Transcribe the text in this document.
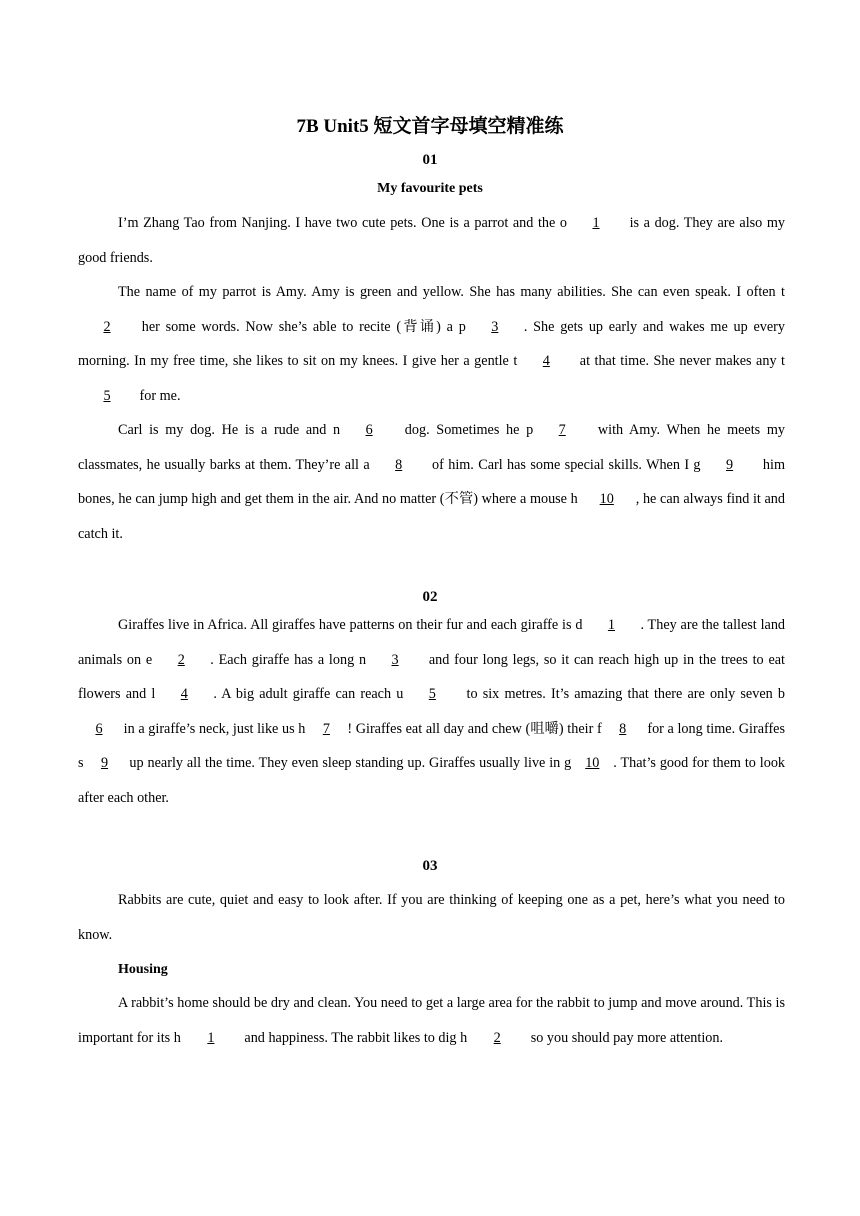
7B Unit5 短文首字母填空精准练
01
My favourite pets

I’m Zhang Tao from Nanjing. I have two cute pets. One is a parrot and the o 1 is a dog. They are also my good friends.

The name of my parrot is Amy. Amy is green and yellow. She has many abilities. She can even speak. I often t2 her some words. Now she’s able to recite (背诵) a p 3 . She gets up early and wakes me up every morning. In my free time, she likes to sit on my knees. I give her a gentle t 4 at that time. She never makes any t5 for me.

Carl is my dog. He is a rude and n 6 dog. Sometimes he p 7 with Amy. When he meets my classmates, he usually barks at them. They’re all a 8 of him. Carl has some special skills. When I g 9 him bones, he can jump high and get them in the air. And no matter (不管) where a mouse h 10 , he can always find it and catch it.

02

Giraffes live in Africa. All giraffes have patterns on their fur and each giraffe is d 1 . They are the tallest land animals on e 2 . Each giraffe has a long n 3 and four long legs, so it can reach high up in the trees to eat flowers and l 4 . A big adult giraffe can reach u 5 to six metres. It’s amazing that there are only seven b6 in a giraffe’s neck, just like us h 7 ! Giraffes eat all day and chew (咀嚼) their f 8 for a long time. Giraffes s 9 up nearly all the time. They even sleep standing up. Giraffes usually live in g 10 . That’s good for them to look after each other.

03

Rabbits are cute, quiet and easy to look after. If you are thinking of keeping one as a pet, here’s what you need to know.

Housing

A rabbit’s home should be dry and clean. You need to get a large area for the rabbit to jump and move around. This is important for its h 1 and happiness. The rabbit likes to dig h 2 so you should pay more attention.
